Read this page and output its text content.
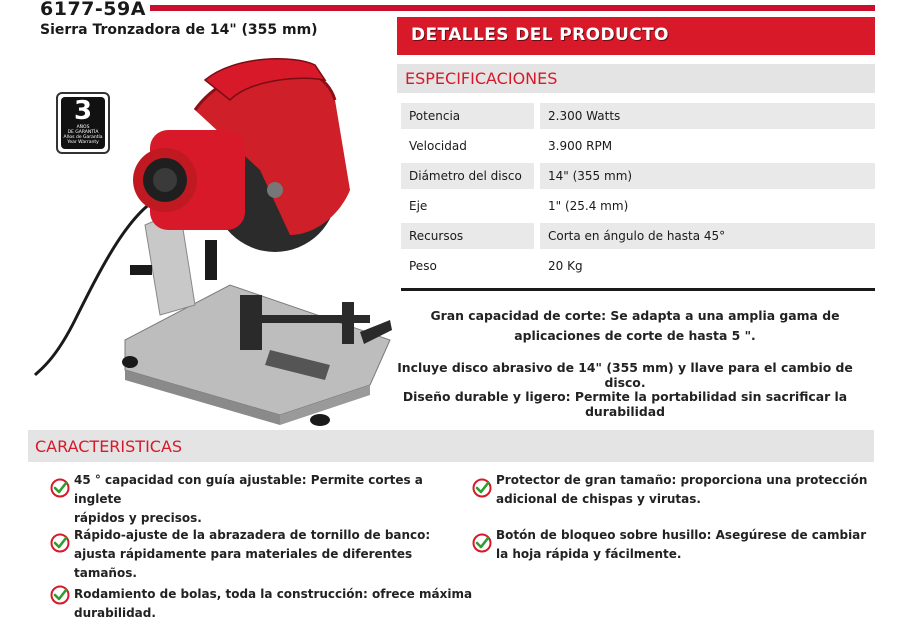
6177-59A
Sierra Tronzadora de 14" (355 mm)	DETALLES DEL PRODUCTO
3
AÑOS
DE GARANTÍA
Años de Garantía
Year Warranty
ESPECIFICACIONES
Potencia	2.300 Watts
Velocidad	3.900 RPM
Diámetro del disco	14" (355 mm)
Eje	1" (25.4 mm)
Recursos	Corta en ángulo de hasta 45°
Peso	20 Kg
Gran capacidad de corte: Se adapta a una amplia gama de
aplicaciones de corte de hasta 5 ".
Incluye disco abrasivo de 14" (355 mm) y llave para el cambio de disco.
Diseño durable y ligero: Permite la portabilidad sin sacrificar la durabilidad
CARACTERISTICAS
45 ° capacidad con guía ajustable: Permite cortes a inglete
rápidos y precisos.
Protector de gran tamaño: proporciona una protección
adicional de chispas y virutas.
Rápido-ajuste de la abrazadera de tornillo de banco:
ajusta rápidamente para materiales de diferentes tamaños.
Botón de bloqueo sobre husillo: Asegúrese de cambiar
la hoja rápida y fácilmente.
Rodamiento de bolas, toda la construcción: ofrece máxima durabilidad.
